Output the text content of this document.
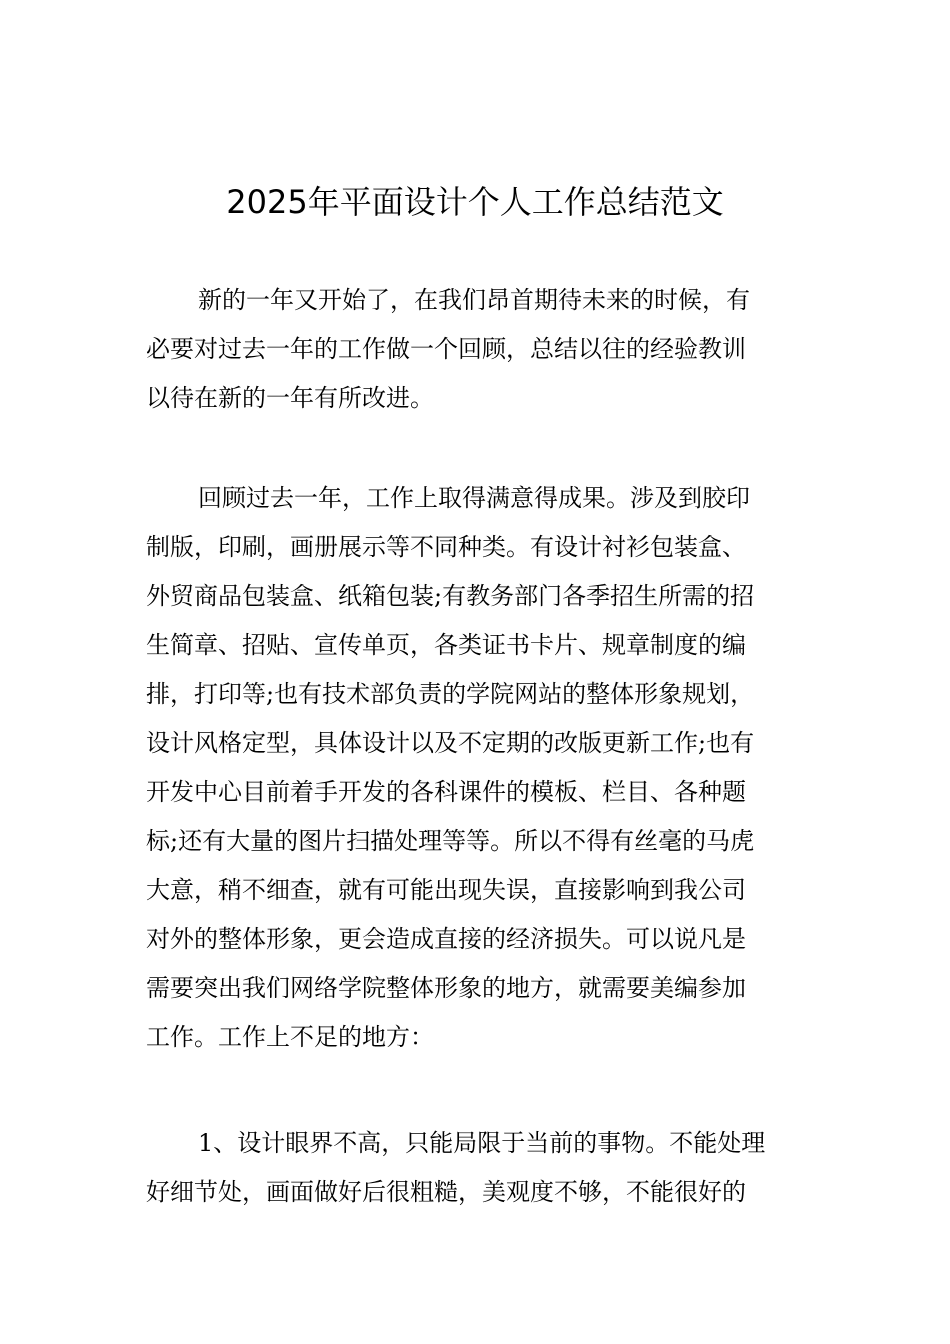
2025年平面设计个人工作总结范文
新的一年又开始了，在我们昂首期待未来的时候，有
必要对过去一年的工作做一个回顾，总结以往的经验教训
以待在新的一年有所改进。
回顾过去一年，工作上取得满意得成果。涉及到胶印
制版，印刷，画册展示等不同种类。有设计衬衫包装盒、
外贸商品包装盒、纸箱包装;有教务部门各季招生所需的招
生简章、招贴、宣传单页，各类证书卡片、规章制度的编
排，打印等;也有技术部负责的学院网站的整体形象规划，
设计风格定型，具体设计以及不定期的改版更新工作;也有
开发中心目前着手开发的各科课件的模板、栏目、各种题
标;还有大量的图片扫描处理等等。所以不得有丝毫的马虎
大意，稍不细查，就有可能出现失误，直接影响到我公司
对外的整体形象，更会造成直接的经济损失。可以说凡是
需要突出我们网络学院整体形象的地方，就需要美编参加
工作。工作上不足的地方：
1、设计眼界不高，只能局限于当前的事物。不能处理
好细节处，画面做好后很粗糙，美观度不够，不能很好的
